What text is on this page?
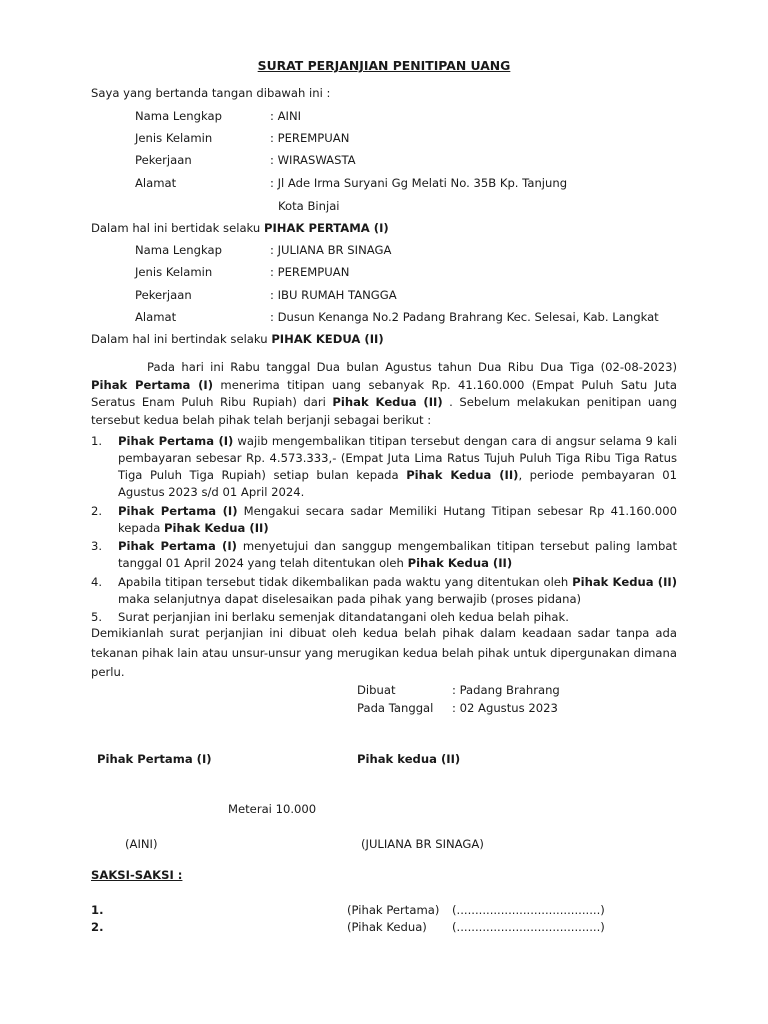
SURAT PERJANJIAN PENITIPAN UANG
Saya yang bertanda tangan dibawah ini :
Nama Lengkap	: AINI
Jenis Kelamin	: PEREMPUAN
Pekerjaan	: WIRASWASTA
Alamat	: Jl Ade Irma Suryani Gg Melati No. 35B Kp. Tanjung
Kota Binjai
Dalam hal ini bertidak selaku PIHAK PERTAMA (I)
Nama Lengkap	: JULIANA BR SINAGA
Jenis Kelamin	: PEREMPUAN
Pekerjaan	: IBU RUMAH TANGGA
Alamat	: Dusun Kenanga No.2 Padang Brahrang Kec. Selesai, Kab. Langkat
Dalam hal ini bertindak selaku PIHAK KEDUA (II)

Pada hari ini Rabu tanggal Dua bulan Agustus tahun Dua Ribu Dua Tiga (02-08-2023) Pihak Pertama (I) menerima titipan uang sebanyak Rp. 41.160.000 (Empat Puluh Satu Juta Seratus Enam Puluh Ribu Rupiah) dari Pihak Kedua (II) . Sebelum melakukan penitipan uang tersebut kedua belah pihak telah berjanji sebagai berikut :

1. Pihak Pertama (I) wajib mengembalikan titipan tersebut dengan cara di angsur selama 9 kali pembayaran sebesar Rp. 4.573.333,- (Empat Juta Lima Ratus Tujuh Puluh Tiga Ribu Tiga Ratus Tiga Puluh Tiga Rupiah) setiap bulan kepada Pihak Kedua (II), periode pembayaran 01 Agustus 2023 s/d 01 April 2024.
2. Pihak Pertama (I) Mengakui secara sadar Memiliki Hutang Titipan sebesar Rp 41.160.000 kepada Pihak Kedua (II)
3. Pihak Pertama (I) menyetujui dan sanggup mengembalikan titipan tersebut paling lambat tanggal 01 April 2024 yang telah ditentukan oleh Pihak Kedua (II)
4. Apabila titipan tersebut tidak dikembalikan pada waktu yang ditentukan oleh Pihak Kedua (II) maka selanjutnya dapat diselesaikan pada pihak yang berwajib (proses pidana)
5. Surat perjanjian ini berlaku semenjak ditandatangani oleh kedua belah pihak.
Demikianlah surat perjanjian ini dibuat oleh kedua belah pihak dalam keadaan sadar tanpa ada tekanan pihak lain atau unsur-unsur yang merugikan kedua belah pihak untuk dipergunakan dimana perlu.
Dibuat	: Padang Brahrang
Pada Tanggal : 02 Agustus 2023
Pihak Pertama (I)	Pihak kedua (II)
Meterai 10.000
(AINI)	(JULIANA BR SINAGA)
SAKSI-SAKSI :
1.	(Pihak Pertama) (.......................................)
2.	(Pihak Kedua) (.......................................)
